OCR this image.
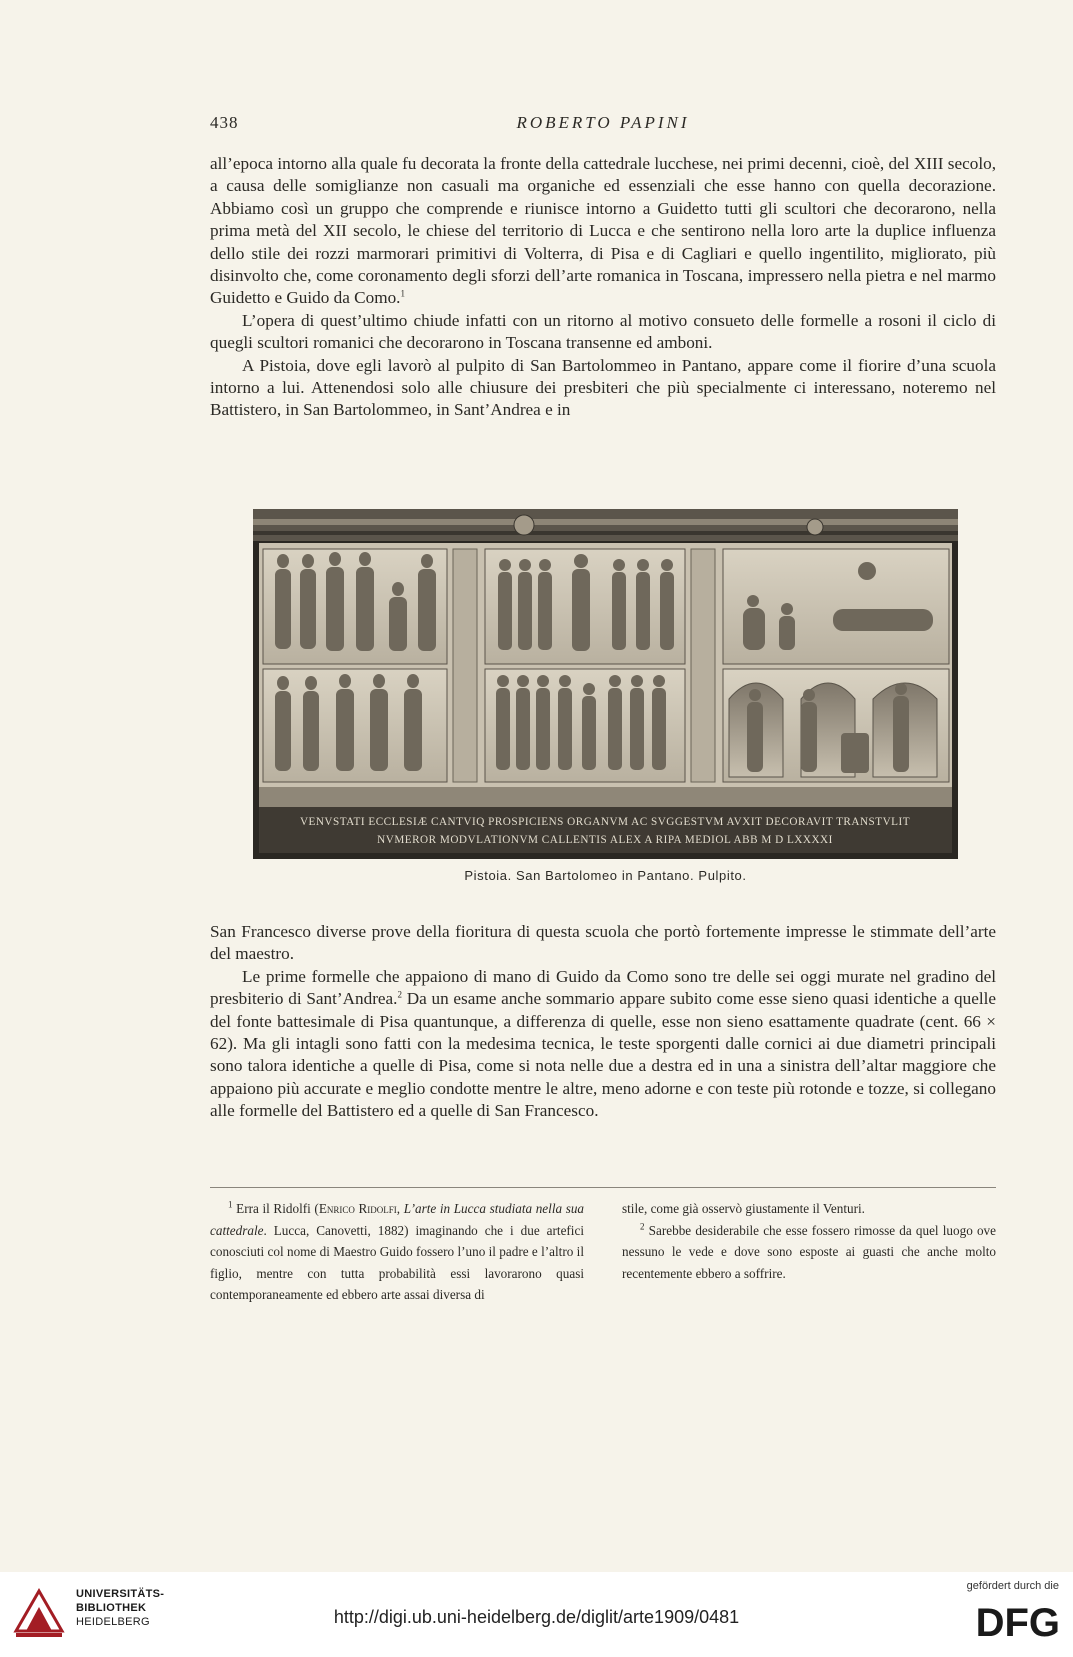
438	ROBERTO PAPINI

all’epoca intorno alla quale fu decorata la fronte della cattedrale lucchese, nei primi decenni, cioè, del XIII secolo, a causa delle somiglianze non casuali ma organiche ed essenziali che esse hanno con quella decorazione. Abbiamo così un gruppo che comprende e riunisce intorno a Guidetto tutti gli scultori che decorarono, nella prima metà del XII secolo, le chiese del territorio di Lucca e che sentirono nella loro arte la duplice influenza dello stile dei rozzi marmorari primitivi di Volterra, di Pisa e di Cagliari e quello ingentilito, migliorato, più disinvolto che, come coronamento degli sforzi dell’arte romanica in Toscana, impressero nella pietra e nel marmo Guidetto e Guido da Como.$^1$

L’opera di quest’ultimo chiude infatti con un ritorno al motivo consueto delle formelle a rosoni il ciclo di quegli scultori romanici che decorarono in Toscana transenne ed amboni.

A Pistoia, dove egli lavorò al pulpito di San Bartolommeo in Pantano, appare come il fiorire d’una scuola intorno a lui. Attenendosi solo alle chiusure dei presbiteri che più specialmente ci interessano, noteremo nel Battistero, in San Bartolommeo, in Sant’Andrea e in

VENVSTATI ECCLESIÆ CANTVIQ PROSPICIENS ORGANVM AC SVGGESTVM AVXIT DECORAVIT TRANSTVLIT
NVMEROR MODVLATIONVM CALLENTIS ALEX A RIPA MEDIOL ABB M D LXXXXI
Pistoia. San Bartolomeo in Pantano. Pulpito.

San Francesco diverse prove della fioritura di questa scuola che portò fortemente impresse le stimmate dell’arte del maestro.

Le prime formelle che appaiono di mano di Guido da Como sono tre delle sei oggi murate nel gradino del presbiterio di Sant’Andrea.$^2$ Da un esame anche sommario appare subito come esse sieno quasi identiche a quelle del fonte battesimale di Pisa quantunque, a differenza di quelle, esse non sieno esattamente quadrate (cent. 66 × 62). Ma gli intagli sono fatti con la medesima tecnica, le teste sporgenti dalle cornici ai due diametri principali sono talora identiche a quelle di Pisa, come si nota nelle due a destra ed in una a sinistra dell’altar maggiore che appaiono più accurate e meglio condotte mentre le altre, meno adorne e con teste più rotonde e tozze, si collegano alle formelle del Battistero ed a quelle di San Francesco.

$^1$ Erra il Ridolfi (Enrico Ridolfi, L’arte in Lucca studiata nella sua cattedrale. Lucca, Canovetti, 1882) imaginando che i due artefici conosciuti col nome di Maestro Guido fossero l’uno il padre e l’altro il figlio, mentre con tutta probabilità essi lavorarono quasi contemporaneamente ed ebbero arte assai diversa di

stile, come già osservò giustamente il Venturi.

$^2$ Sarebbe desiderabile che esse fossero rimosse da quel luogo ove nessuno le vede e dove sono esposte ai guasti che anche molto recentemente ebbero a soffrire.

UNIVERSITÄTS-
BIBLIOTHEK
HEIDELBERG	http://digi.ub.uni-heidelberg.de/diglit/arte1909/0481
gefördert durch die
DFG
